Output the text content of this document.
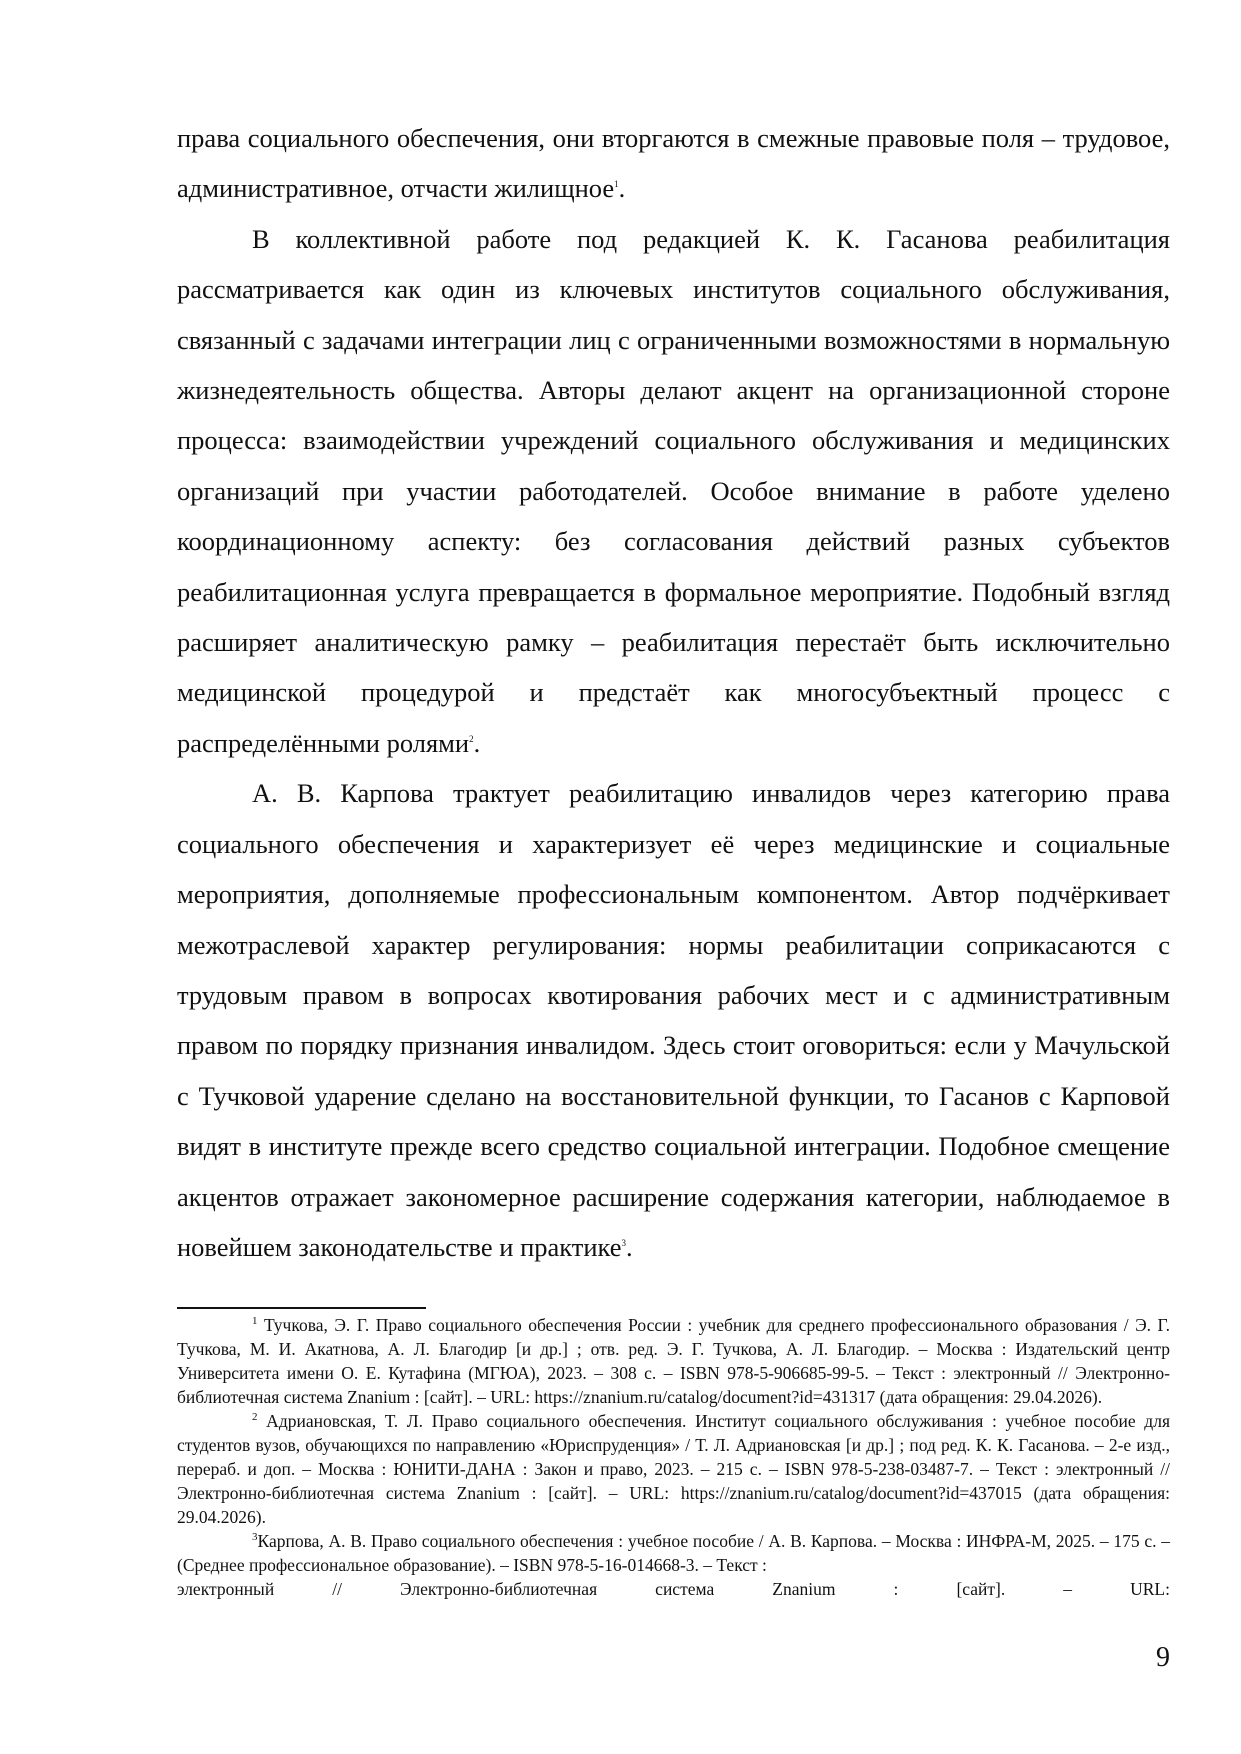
права социального обеспечения, они вторгаются в смежные правовые поля – трудовое, административное, отчасти жилищное$^1$.

В коллективной работе под редакцией К. К. Гасанова реабилитация рассматривается как один из ключевых институтов социального обслуживания, связанный с задачами интеграции лиц с ограниченными возможностями в нормальную жизнедеятельность общества. Авторы делают акцент на организационной стороне процесса: взаимодействии учреждений социального обслуживания и медицинских организаций при участии работодателей. Особое внимание в работе уделено координационному аспекту: без согласования действий разных субъектов реабилитационная услуга превращается в формальное мероприятие. Подобный взгляд расширяет аналитическую рамку – реабилитация перестаёт быть исключительно медицинской процедурой и предстаёт как многосубъектный процесс с распределёнными ролями$^2$.

А. В. Карпова трактует реабилитацию инвалидов через категорию права социального обеспечения и характеризует её через медицинские и социальные мероприятия, дополняемые профессиональным компонентом. Автор подчёркивает межотраслевой характер регулирования: нормы реабилитации соприкасаются с трудовым правом в вопросах квотирования рабочих мест и с административным правом по порядку признания инвалидом. Здесь стоит оговориться: если у Мачульской с Тучковой ударение сделано на восстановительной функции, то Гасанов с Карповой видят в институте прежде всего средство социальной интеграции. Подобное смещение акцентов отражает закономерное расширение содержания категории, наблюдаемое в новейшем законодательстве и практике$^3$.

$^1$ Тучкова, Э. Г. Право социального обеспечения России : учебник для среднего профессионального образования / Э. Г. Тучкова, М. И. Акатнова, А. Л. Благодир [и др.] ; отв. ред. Э. Г. Тучкова, А. Л. Благодир. – Москва : Издательский центр Университета имени О. Е. Кутафина (МГЮА), 2023. – 308 с. – ISBN 978-5-906685-99-5. – Текст : электронный // Электронно-библиотечная система Znanium : [сайт]. – URL: https://znanium.ru/catalog/document?id=431317 (дата обращения: 29.04.2026).

$^2$ Адриановская, Т. Л. Право социального обеспечения. Институт социального обслуживания : учебное пособие для студентов вузов, обучающихся по направлению «Юриспруденция» / Т. Л. Адриановская [и др.] ; под ред. К. К. Гасанова. – 2-е изд., перераб. и доп. – Москва : ЮНИТИ-ДАНА : Закон и право, 2023. – 215 с. – ISBN 978-5-238-03487-7. – Текст : электронный // Электронно-библиотечная система Znanium : [сайт]. – URL: https://znanium.ru/catalog/document?id=437015 (дата обращения: 29.04.2026).

$^3$Карпова, А. В. Право социального обеспечения : учебное пособие / А. В. Карпова. – Москва : ИНФРА-М, 2025. – 175 с. – (Среднее профессиональное образование). – ISBN 978-5-16-014668-3. – Текст :
электронный // Электронно-библиотечная система Znanium : [сайт]. – URL:

9
